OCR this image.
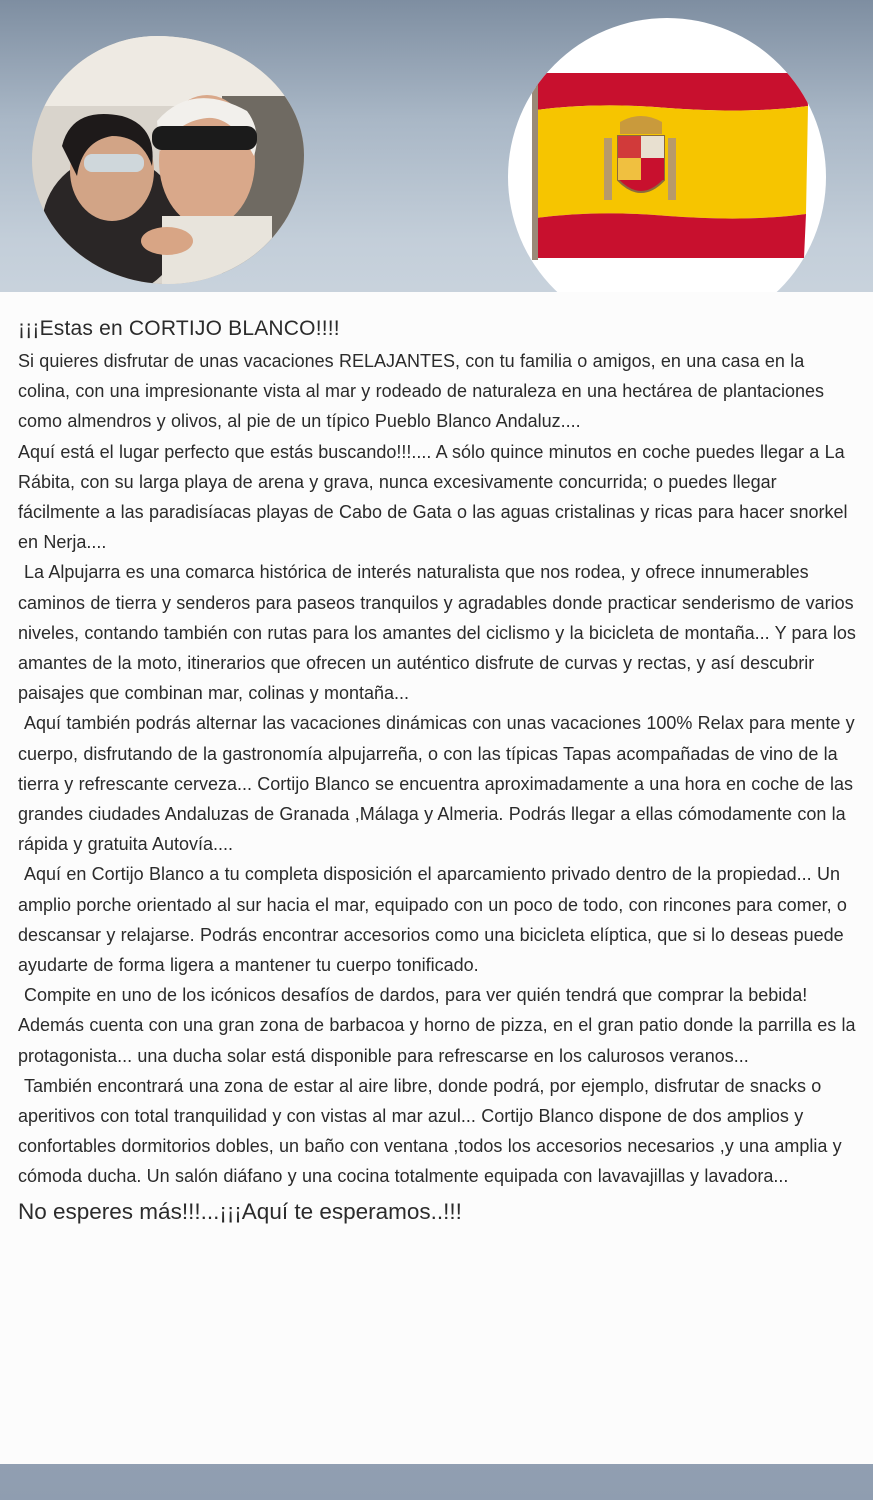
¡¡¡Estas en CORTIJO BLANCO!!!!

Si quieres disfrutar de unas vacaciones RELAJANTES, con tu familia o amigos, en una casa en la colina, con una impresionante vista al mar y rodeado de naturaleza en una hectárea de plantaciones como almendros y olivos, al pie de un típico Pueblo Blanco Andaluz....

Aquí está el lugar perfecto que estás buscando!!!.... A sólo quince minutos en coche puedes llegar a La Rábita, con su larga playa de arena y grava, nunca excesivamente concurrida; o puedes llegar fácilmente a las paradisíacas playas de Cabo de Gata o las aguas cristalinas y ricas para hacer snorkel en Nerja....

La Alpujarra es una comarca histórica de interés naturalista que nos rodea, y ofrece innumerables caminos de tierra y senderos para paseos tranquilos y agradables donde practicar senderismo de varios niveles, contando también con rutas para los amantes del ciclismo y la bicicleta de montaña... Y para los amantes de la moto, itinerarios que ofrecen un auténtico disfrute de curvas y rectas, y así descubrir paisajes que combinan mar, colinas y montaña...

Aquí también podrás alternar las vacaciones dinámicas con unas vacaciones 100% Relax para mente y cuerpo, disfrutando de la gastronomía alpujarreña, o con las típicas Tapas acompañadas de vino de la tierra y refrescante cerveza... Cortijo Blanco se encuentra aproximadamente a una hora en coche de las grandes ciudades Andaluzas de Granada ,Málaga y Almeria. Podrás llegar a ellas cómodamente con la rápida y gratuita Autovía....

Aquí en Cortijo Blanco a tu completa disposición el aparcamiento privado dentro de la propiedad... Un amplio porche orientado al sur hacia el mar, equipado con un poco de todo, con rincones para comer, o descansar y relajarse. Podrás encontrar accesorios como una bicicleta elíptica, que si lo deseas puede ayudarte de forma ligera a mantener tu cuerpo tonificado.

Compite en uno de los icónicos desafíos de dardos, para ver quién tendrá que comprar la bebida! Además cuenta con una gran zona de barbacoa y horno de pizza, en el gran patio donde la parrilla es la protagonista... una ducha solar está disponible para refrescarse en los calurosos veranos...

También encontrará una zona de estar al aire libre, donde podrá, por ejemplo, disfrutar de snacks o aperitivos con total tranquilidad y con vistas al mar azul... Cortijo Blanco dispone de dos amplios y confortables dormitorios dobles, un baño con ventana ,todos los accesorios necesarios ,y una amplia y cómoda ducha. Un salón diáfano y una cocina totalmente equipada con lavavajillas y lavadora...

No esperes más!!!...¡¡¡Aquí te esperamos..!!!
